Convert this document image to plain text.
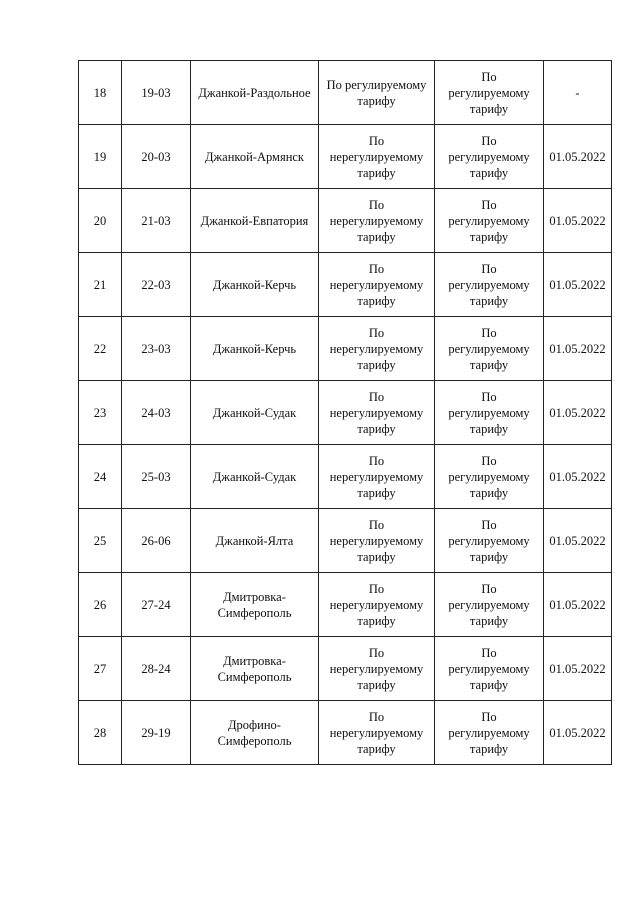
18	19-03	Джанкой-Раздольное	По регулируемому
тарифу	По
регулируемому
тарифу	-
19	20-03	Джанкой-Армянск	По
нерегулируемому
тарифу	По
регулируемому
тарифу	01.05.2022
20	21-03	Джанкой-Евпатория	По
нерегулируемому
тарифу	По
регулируемому
тарифу	01.05.2022
21	22-03	Джанкой-Керчь	По
нерегулируемому
тарифу	По
регулируемому
тарифу	01.05.2022
22	23-03	Джанкой-Керчь	По
нерегулируемому
тарифу	По
регулируемому
тарифу	01.05.2022
23	24-03	Джанкой-Судак	По
нерегулируемому
тарифу	По
регулируемому
тарифу	01.05.2022
24	25-03	Джанкой-Судак	По
нерегулируемому
тарифу	По
регулируемому
тарифу	01.05.2022
25	26-06	Джанкой-Ялта	По
нерегулируемому
тарифу	По
регулируемому
тарифу	01.05.2022
26	27-24	Дмитровка-
Симферополь	По
нерегулируемому
тарифу	По
регулируемому
тарифу	01.05.2022
27	28-24	Дмитровка-
Симферополь	По
нерегулируемому
тарифу	По
регулируемому
тарифу	01.05.2022
28	29-19	Дрофино-
Симферополь	По
нерегулируемому
тарифу	По
регулируемому
тарифу	01.05.2022
